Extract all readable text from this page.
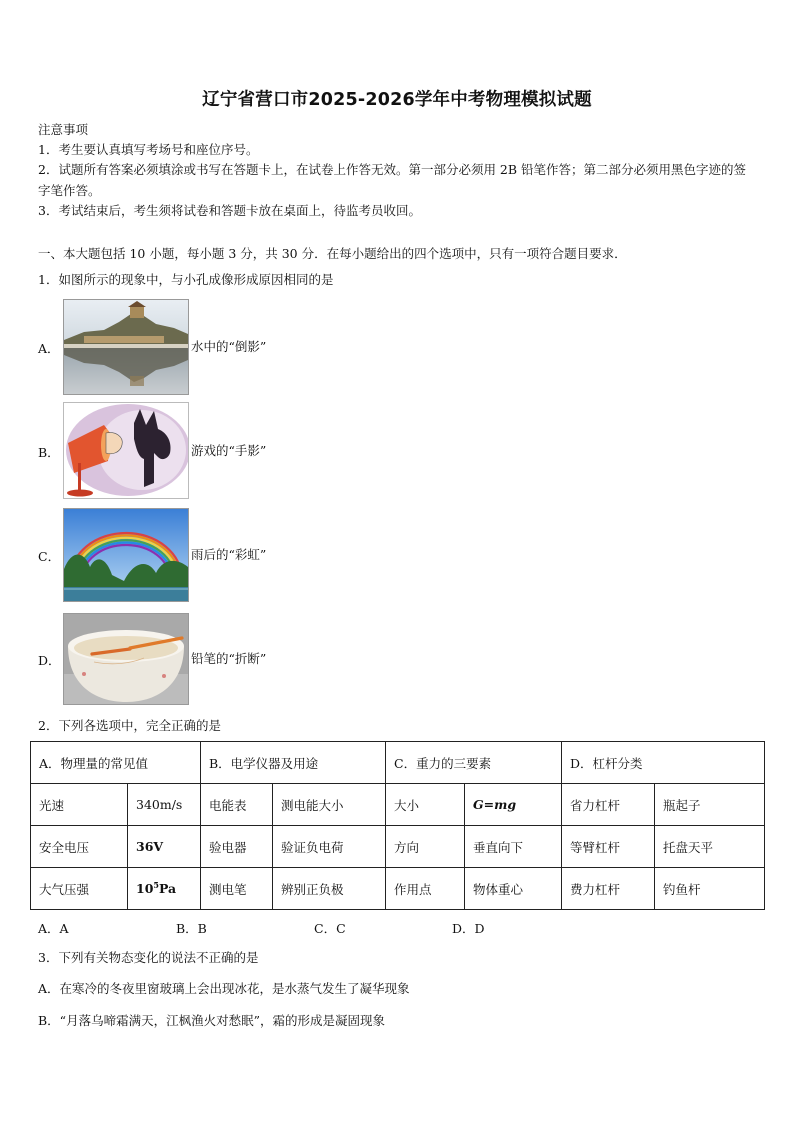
辽宁省营口市2025-2026学年中考物理模拟试题
注意事项
1．考生要认真填写考场号和座位序号。
2．试题所有答案必须填涂或书写在答题卡上，在试卷上作答无效。第一部分必须用 2B 铅笔作答；第二部分必须用黑色字迹的签字笔作答。
3．考试结束后，考生须将试卷和答题卡放在桌面上，待监考员收回。
一、本大题包括 10 小题，每小题 3 分，共 30 分．在每小题给出的四个选项中，只有一项符合题目要求．
1．如图所示的现象中，与小孔成像形成原因相同的是
A．	水中的“倒影”
B．	游戏的“手影”
C．	雨后的“彩虹”
D．	铅笔的“折断”
2．下列各选项中，完全正确的是
A．物理量的常见值		B．电学仪器及用途		C．重力的三要素		D．杠杆分类	
光速	340m/s	电能表	测电能大小	大小	G=mg	省力杠杆	瓶起子
安全电压	36V	验电器	验证负电荷	方向	垂直向下	等臂杠杆	托盘天平
大气压强	$10^5Pa$	测电笔	辨别正负极	作用点	物体重心	费力杠杆	钓鱼杆
A．A	B．B	C．C	D．D
3．下列有关物态变化的说法不正确的是
A．在寒冷的冬夜里窗玻璃上会出现冰花，是水蒸气发生了凝华现象
B．“月落乌啼霜满天，江枫渔火对愁眠”，霜的形成是凝固现象
